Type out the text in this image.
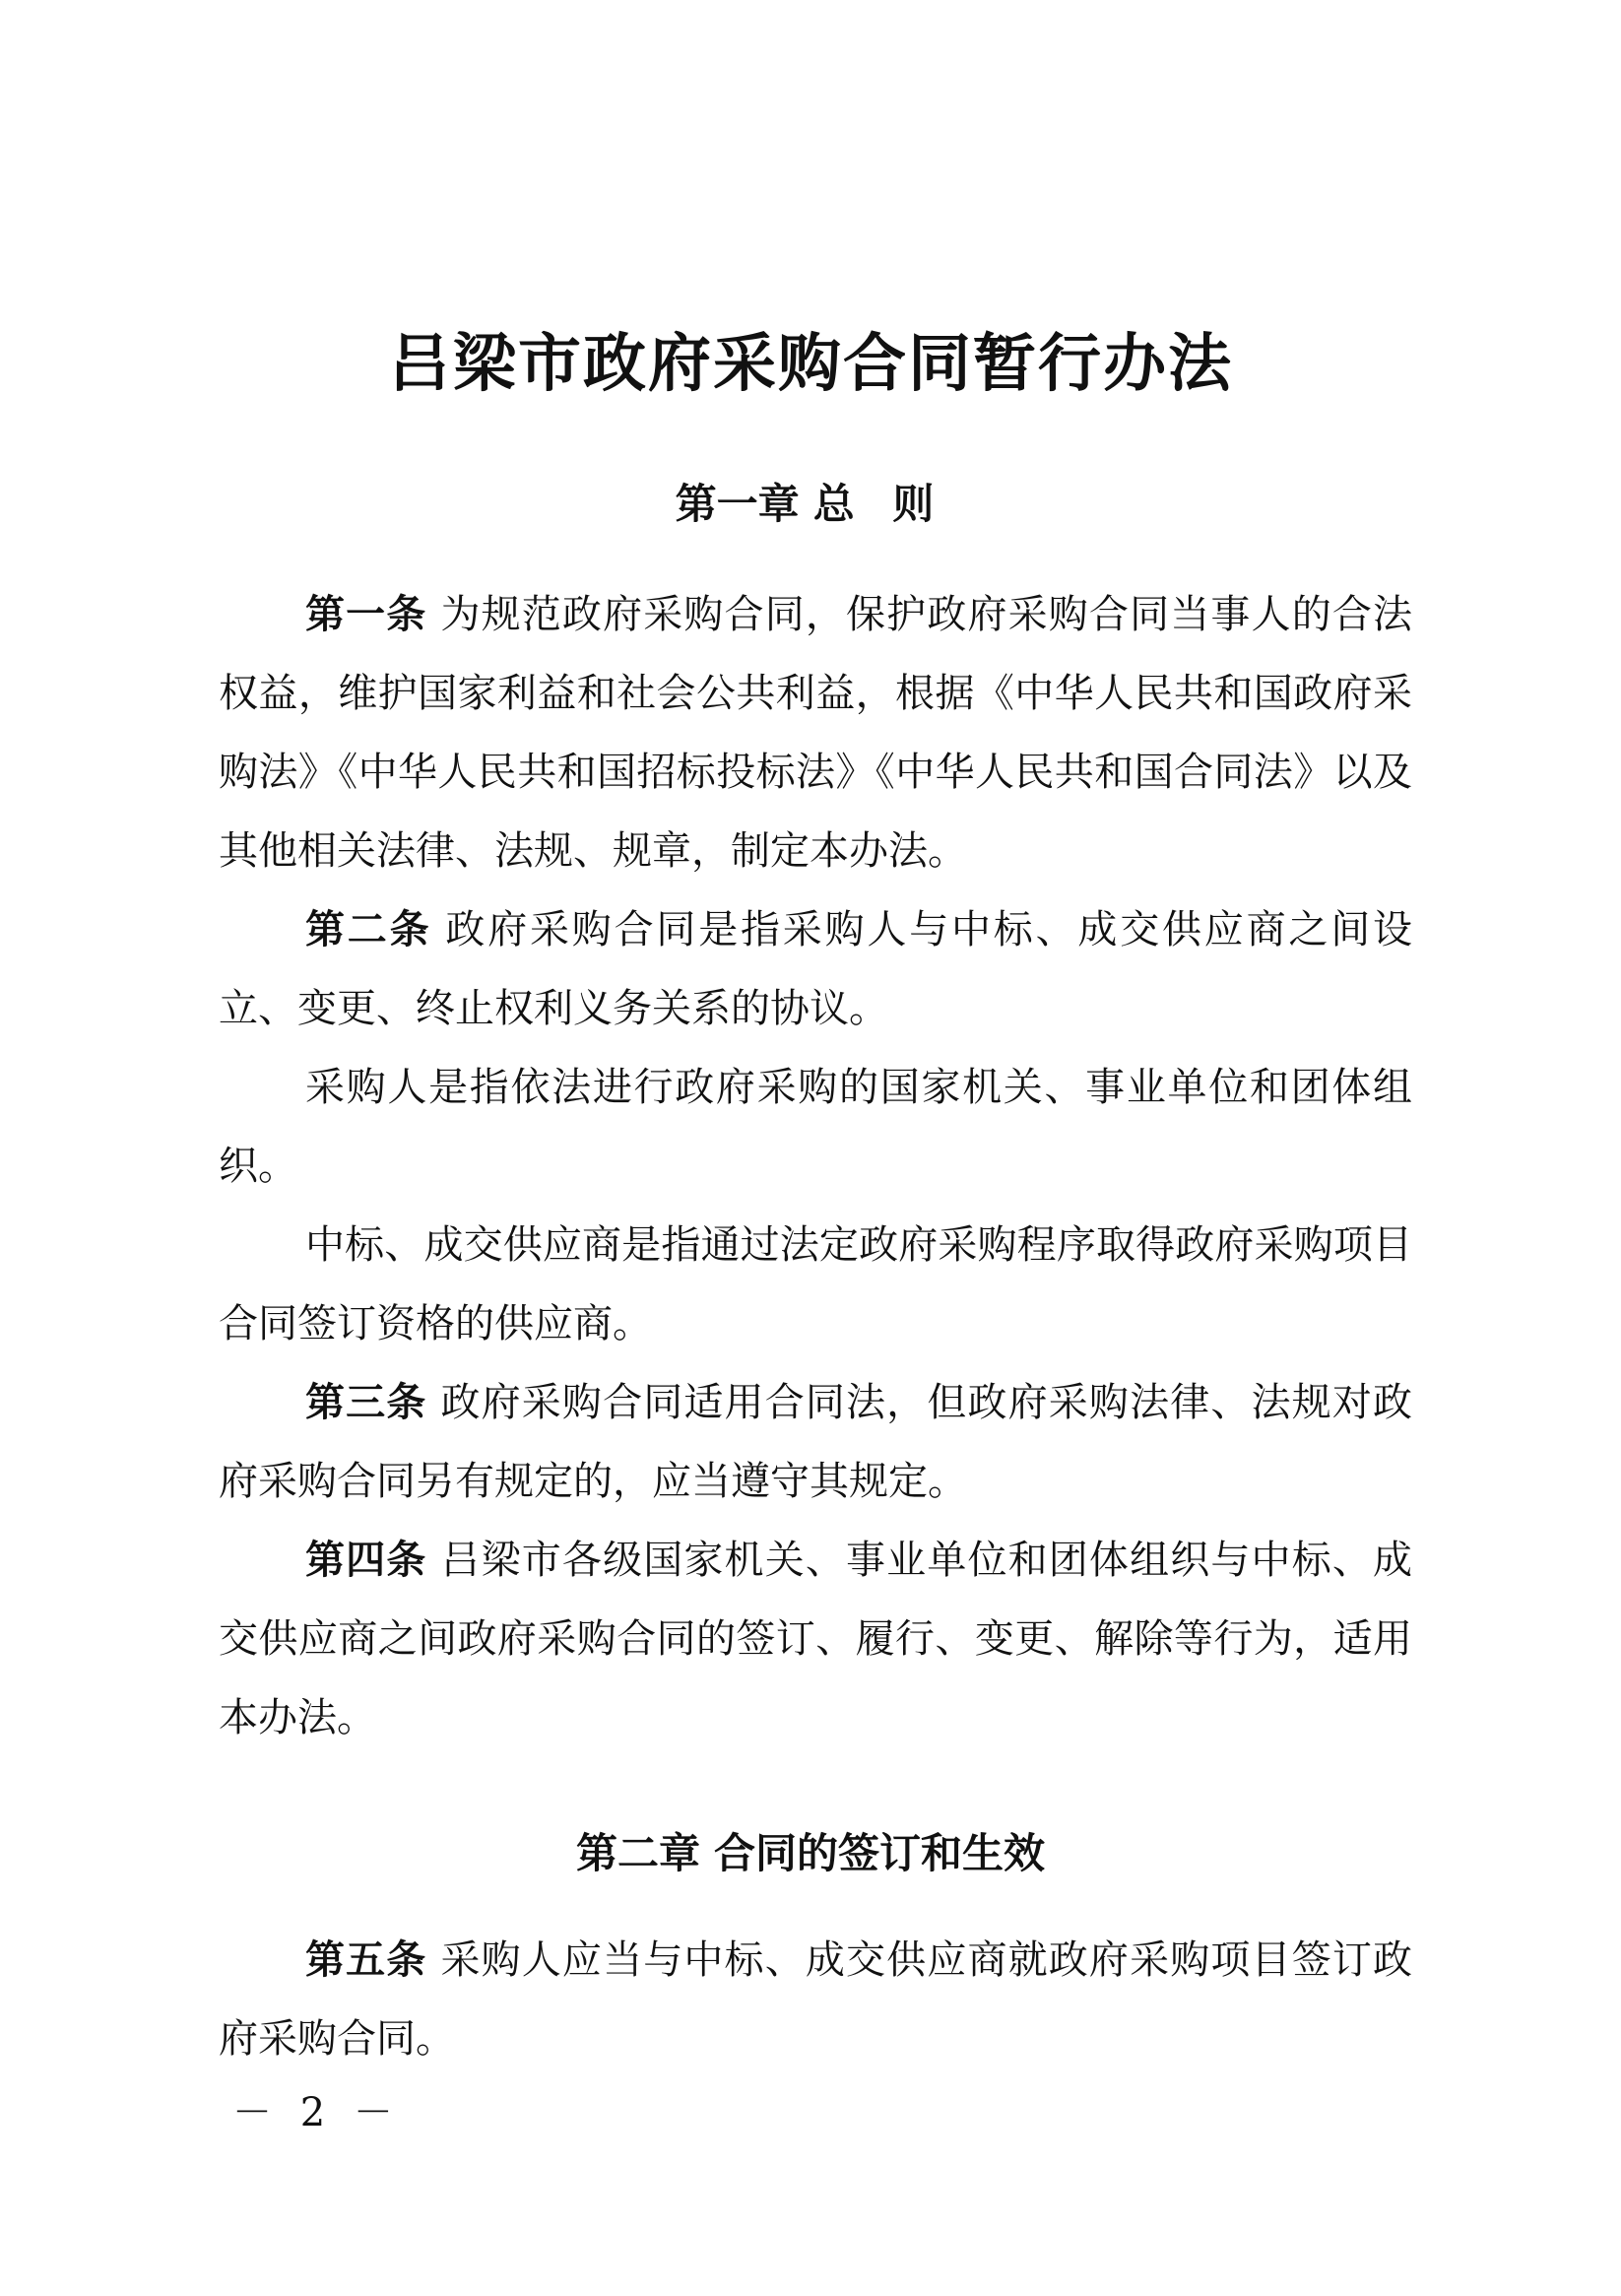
吕梁市政府采购合同暂行办法
第一章 总 则

第一条 为规范政府采购合同，保护政府采购合同当事人的合法权益，维护国家利益和社会公共利益，根据《中华人民共和国政府采购法》《中华人民共和国招标投标法》《中华人民共和国合同法》以及其他相关法律、法规、规章，制定本办法。

第二条 政府采购合同是指采购人与中标、成交供应商之间设立、变更、终止权利义务关系的协议。

采购人是指依法进行政府采购的国家机关、事业单位和团体组织。

中标、成交供应商是指通过法定政府采购程序取得政府采购项目合同签订资格的供应商。

第三条 政府采购合同适用合同法，但政府采购法律、法规对政府采购合同另有规定的，应当遵守其规定。

第四条 吕梁市各级国家机关、事业单位和团体组织与中标、成交供应商之间政府采购合同的签订、履行、变更、解除等行为，适用本办法。

第二章 合同的签订和生效

第五条 采购人应当与中标、成交供应商就政府采购项目签订政府采购合同。

－ 2 －
